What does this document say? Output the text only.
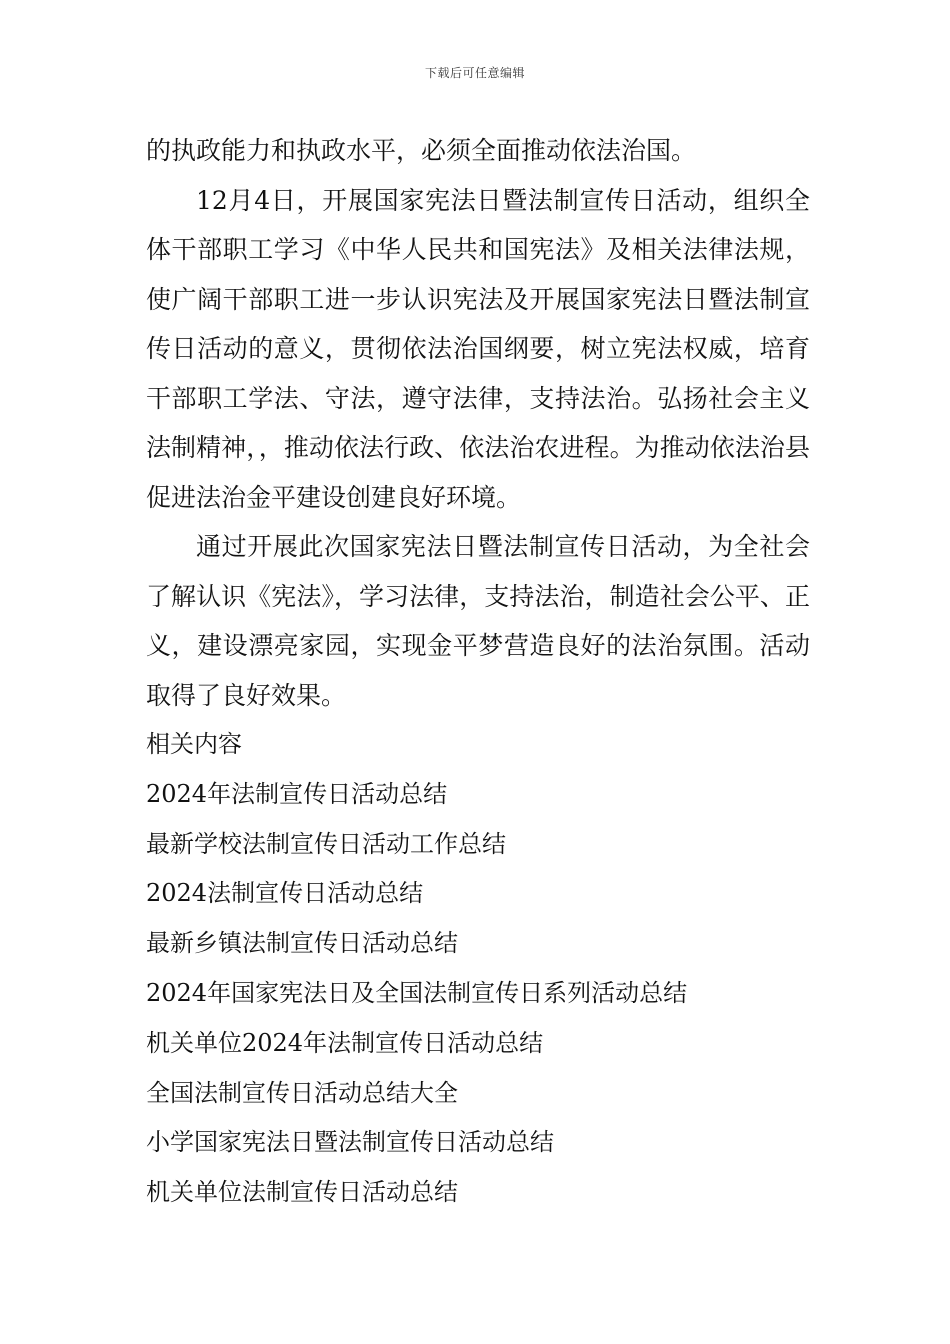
下载后可任意编辑

的执政能力和执政水平，必须全面推动依法治国。

12月4日，开展国家宪法日暨法制宣传日活动，组织全体干部职工学习《中华人民共和国宪法》及相关法律法规，使广阔干部职工进一步认识宪法及开展国家宪法日暨法制宣传日活动的意义，贯彻依法治国纲要，树立宪法权威，培育干部职工学法、守法，遵守法律，支持法治。弘扬社会主义法制精神，，推动依法行政、依法治农进程。为推动依法治县促进法治金平建设创建良好环境。

通过开展此次国家宪法日暨法制宣传日活动，为全社会了解认识《宪法》，学习法律，支持法治，制造社会公平、正义，建设漂亮家园，实现金平梦营造良好的法治氛围。活动取得了良好效果。

相关内容
2024年法制宣传日活动总结
最新学校法制宣传日活动工作总结
2024法制宣传日活动总结
最新乡镇法制宣传日活动总结
2024年国家宪法日及全国法制宣传日系列活动总结
机关单位2024年法制宣传日活动总结
全国法制宣传日活动总结大全
小学国家宪法日暨法制宣传日活动总结
机关单位法制宣传日活动总结
